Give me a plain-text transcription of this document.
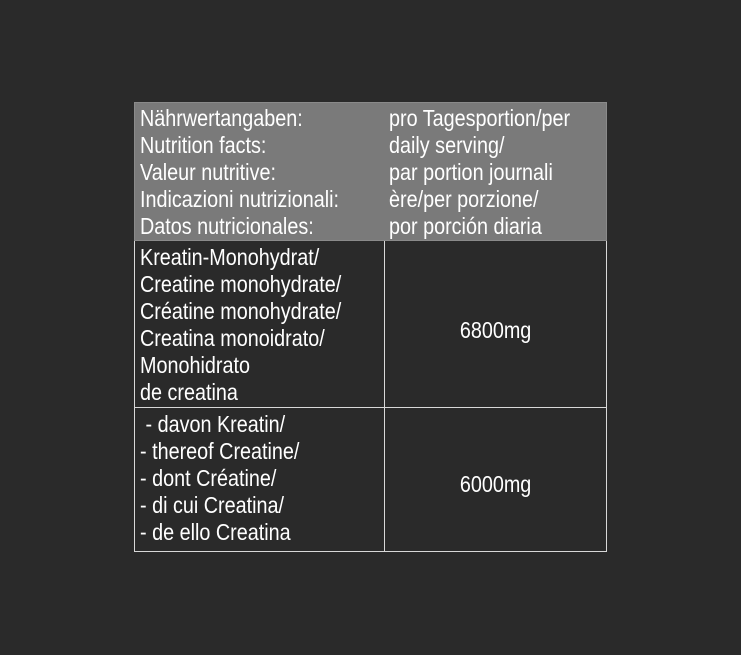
Nährwertangaben:
Nutrition facts:
Valeur nutritive:
Indicazioni nutrizionali:
Datos nutricionales:
pro Tagesportion/per
daily serving/
par portion journali
ère/per porzione/
por porción diaria
Kreatin-Monohydrat/
Creatine monohydrate/
Créatine monohydrate/
Creatina monoidrato/
Monohidrato
de creatina
6800mg
- davon Kreatin/
- thereof Creatine/
- dont Créatine/
- di cui Creatina/
- de ello Creatina
6000mg
